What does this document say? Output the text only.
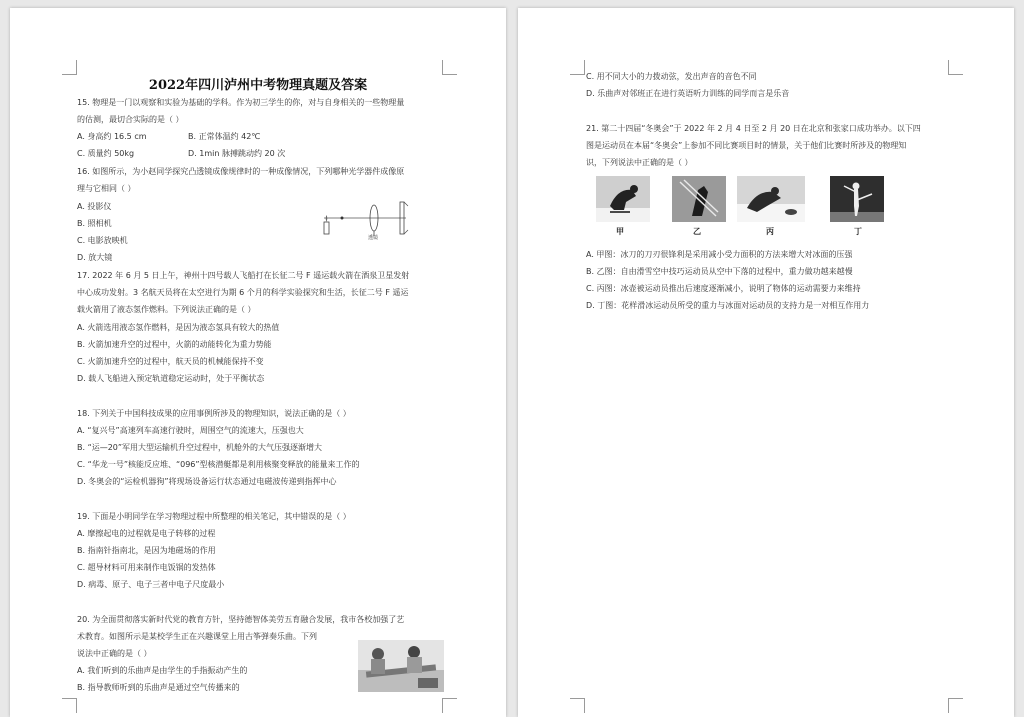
2022年四川泸州中考物理真题及答案
15. 物理是一门以观察和实验为基础的学科。作为初三学生的你，对与自身相关的一些物理量
的估测，最切合实际的是（ ）
A. 身高约 16.5 cm	B. 正常体温约 42℃
C. 质量约 50kg	D. 1min 脉搏跳动约 20 次
16. 如图所示，为小赵同学探究凸透镜成像规律时的一种成像情况，下列哪种光学器件成像原
理与它相同（ ）
A. 投影仪
B. 照相机
C. 电影放映机
D. 放大镜
透镜
17. 2022 年 6 月 5 日上午，神州十四号载人飞船打在长征二号 F 遥运载火箭在酒泉卫星发射
中心成功发射。3 名航天员将在太空进行为期 6 个月的科学实验探究和生活，长征二号 F 遥运
载火箭用了液态氢作燃料。下列说法正确的是（ ）
A. 火箭选用液态氢作燃料，是因为液态氢具有较大的热值
B. 火箭加速升空的过程中，火箭的动能转化为重力势能
C. 火箭加速升空的过程中，航天员的机械能保持不变
D. 载人飞船进入预定轨道稳定运动时，处于平衡状态
18. 下列关于中国科技成果的应用事例所涉及的物理知识，说法正确的是（ ）
A. “复兴号”高速列车高速行驶时，周围空气的流速大，压强也大
B. “运—20”军用大型运输机升空过程中，机舱外的大气压强逐渐增大
C. “华龙一号”核能反应堆、“096”型核潜艇都是利用核聚变释放的能量来工作的
D. 冬奥会的“运检机器狗”将现场设备运行状态通过电磁波传递到指挥中心
19. 下面是小明同学在学习物理过程中所整理的相关笔记，其中错误的是（ ）
A. 摩擦起电的过程就是电子转移的过程
B. 指南针指南北，是因为地磁场的作用
C. 超导材料可用来制作电饭锅的发热体
D. 病毒、原子、电子三者中电子尺度最小
20. 为全面贯彻落实新时代党的教育方针，坚持德智体美劳五育融合发展，我市各校加强了艺
术教育。如图所示是某校学生正在兴趣课堂上用古筝弹奏乐曲。下列
说法中正确的是（ ）
A. 我们听到的乐曲声是由学生的手指振动产生的
B. 指导教师听到的乐曲声是通过空气传播来的
C. 用不同大小的力拨动弦，发出声音的音色不同
D. 乐曲声对邻班正在进行英语听力训练的同学而言是乐音
21. 第二十四届“冬奥会”于 2022 年 2 月 4 日至 2 月 20 日在北京和张家口成功举办。以下四
图是运动员在本届“冬奥会”上参加不同比赛项目时的情景，关于他们比赛时所涉及的物理知
识，下列说法中正确的是（ ）
甲	乙	丙	丁
A. 甲图：冰刀的刀刃很锋利是采用减小受力面积的方法来增大对冰面的压强
B. 乙图：自由滑雪空中技巧运动员从空中下落的过程中，重力做功越来越慢
C. 丙图：冰壶被运动员推出后速度逐渐减小，说明了物体的运动需要力来维持
D. 丁图：花样滑冰运动员所受的重力与冰面对运动员的支持力是一对相互作用力
